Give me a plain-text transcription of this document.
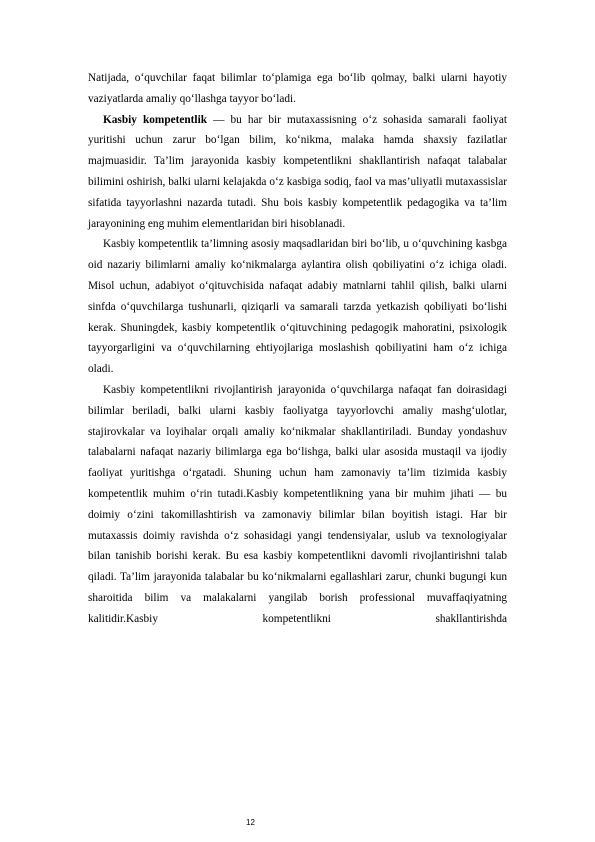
Natijada, o‘quvchilar faqat bilimlar to‘plamiga ega bo‘lib qolmay, balki ularni hayotiy vaziyatlarda amaliy qo‘llashga tayyor bo‘ladi.

Kasbiy kompetentlik — bu har bir mutaxassisning o‘z sohasida samarali faoliyat yuritishi uchun zarur bo‘lgan bilim, ko‘nikma, malaka hamda shaxsiy fazilatlar majmuasidir. Ta’lim jarayonida kasbiy kompetentlikni shakllantirish nafaqat talabalar bilimini oshirish, balki ularni kelajakda o‘z kasbiga sodiq, faol va mas’uliyatli mutaxassislar sifatida tayyorlashni nazarda tutadi. Shu bois kasbiy kompetentlik pedagogika va ta’lim jarayonining eng muhim elementlaridan biri hisoblanadi.

Kasbiy kompetentlik ta’limning asosiy maqsadlaridan biri bo‘lib, u o‘quvchining kasbga oid nazariy bilimlarni amaliy ko‘nikmalarga aylantira olish qobiliyatini o‘z ichiga oladi. Misol uchun, adabiyot o‘qituvchisida nafaqat adabiy matnlarni tahlil qilish, balki ularni sinfda o‘quvchilarga tushunarli, qiziqarli va samarali tarzda yetkazish qobiliyati bo‘lishi kerak. Shuningdek, kasbiy kompetentlik o‘qituvchining pedagogik mahoratini, psixologik tayyorgarligini va o‘quvchilarning ehtiyojlariga moslashish qobiliyatini ham o‘z ichiga oladi.

Kasbiy kompetentlikni rivojlantirish jarayonida o‘quvchilarga nafaqat fan doirasidagi bilimlar beriladi, balki ularni kasbiy faoliyatga tayyorlovchi amaliy mashg‘ulotlar, stajirovkalar va loyihalar orqali amaliy ko‘nikmalar shakllantiriladi. Bunday yondashuv talabalarni nafaqat nazariy bilimlarga ega bo‘lishga, balki ular asosida mustaqil va ijodiy faoliyat yuritishga o‘rgatadi. Shuning uchun ham zamonaviy ta’lim tizimida kasbiy kompetentlik muhim o‘rin tutadi.Kasbiy kompetentlikning yana bir muhim jihati — bu doimiy o‘zini takomillashtirish va zamonaviy bilimlar bilan boyitish istagi. Har bir mutaxassis doimiy ravishda o‘z sohasidagi yangi tendensiyalar, uslub va texnologiyalar bilan tanishib borishi kerak. Bu esa kasbiy kompetentlikni davomli rivojlantirishni talab qiladi. Ta’lim jarayonida talabalar bu ko‘nikmalarni egallashlari zarur, chunki bugungi kun sharoitida bilim va malakalarni yangilab borish professional muvaffaqiyatning kalitidir.Kasbiy kompetentlikni shakllantirishda

12
